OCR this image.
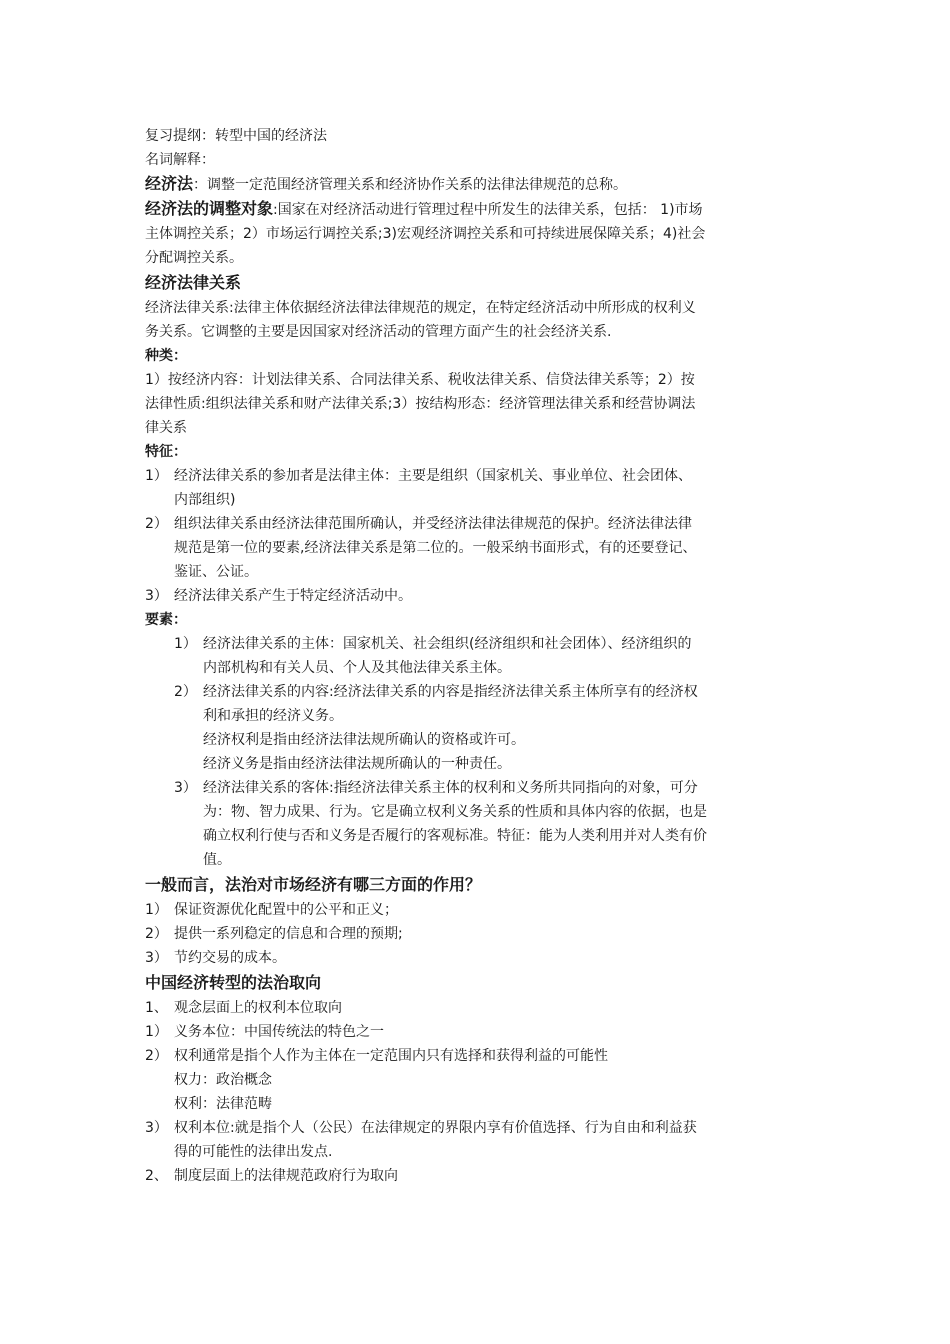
复习提纲：转型中国的经济法
名词解释：
经济法：调整一定范围经济管理关系和经济协作关系的法律法律规范的总称。
经济法的调整对象:国家在对经济活动进行管理过程中所发生的法律关系，包括： 1)市场
主体调控关系；2）市场运行调控关系;3)宏观经济调控关系和可持续进展保障关系；4)社会
分配调控关系。
经济法律关系
经济法律关系:法律主体依据经济法律法律规范的规定，在特定经济活动中所形成的权利义
务关系。它调整的主要是因国家对经济活动的管理方面产生的社会经济关系.
种类：
1）按经济内容：计划法律关系、合同法律关系、税收法律关系、信贷法律关系等；2）按
法律性质:组织法律关系和财产法律关系;3）按结构形态：经济管理法律关系和经营协调法
律关系
特征：
1） 经济法律关系的参加者是法律主体：主要是组织（国家机关、事业单位、社会团体、
内部组织)
2） 组织法律关系由经济法律范围所确认，并受经济法律法律规范的保护。经济法律法律
规范是第一位的要素,经济法律关系是第二位的。一般采纳书面形式，有的还要登记、
鉴证、公证。
3） 经济法律关系产生于特定经济活动中。
要素：
1） 经济法律关系的主体：国家机关、社会组织(经济组织和社会团体）、经济组织的
内部机构和有关人员、个人及其他法律关系主体。
2） 经济法律关系的内容:经济法律关系的内容是指经济法律关系主体所享有的经济权
利和承担的经济义务。
经济权利是指由经济法律法规所确认的资格或许可。
经济义务是指由经济法律法规所确认的一种责任。
3） 经济法律关系的客体:指经济法律关系主体的权利和义务所共同指向的对象，可分
为：物、智力成果、行为。它是确立权利义务关系的性质和具体内容的依据，也是
确立权利行使与否和义务是否履行的客观标准。特征：能为人类利用并对人类有价
值。
一般而言，法治对市场经济有哪三方面的作用？
1） 保证资源优化配置中的公平和正义；
2） 提供一系列稳定的信息和合理的预期;
3） 节约交易的成本。
中国经济转型的法治取向
1、 观念层面上的权利本位取向
1） 义务本位：中国传统法的特色之一
2） 权利通常是指个人作为主体在一定范围内只有选择和获得利益的可能性
权力：政治概念
权利：法律范畴
3） 权利本位:就是指个人（公民）在法律规定的界限内享有价值选择、行为自由和利益获
得的可能性的法律出发点.
2、 制度层面上的法律规范政府行为取向
